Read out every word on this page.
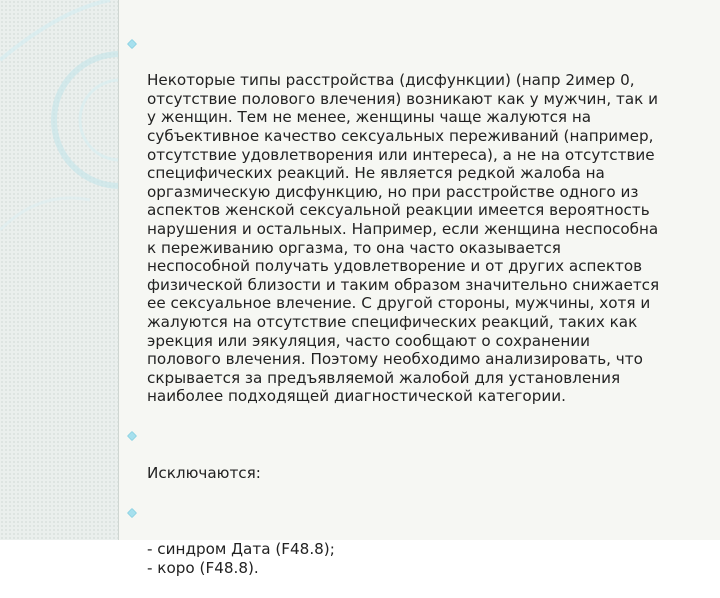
Некоторые типы расстройства (дисфункции) (напр 2имер 0,
отсутствие полового влечения) возникают как у мужчин, так и
у женщин. Тем не менее, женщины чаще жалуются на
субъективное качество сексуальных переживаний (например,
отсутствие удовлетворения или интереса), а не на отсутствие
специфических реакций. Не является редкой жалоба на
оргазмическую дисфункцию, но при расстройстве одного из
аспектов женской сексуальной реакции имеется вероятность
нарушения и остальных. Например, если женщина неспособна
к переживанию оргазма, то она часто оказывается
неспособной получать удовлетворение и от других аспектов
физической близости и таким образом значительно снижается
ее сексуальное влечение. С другой стороны, мужчины, хотя и
жалуются на отсутствие специфических реакций, таких как
эрекция или эякуляция, часто сообщают о сохранении
полового влечения. Поэтому необходимо анализировать, что
скрывается за предъявляемой жалобой для установления
наиболее подходящей диагностической категории.

Исключаются:

- синдром Дата (F48.8);
- коро (F48.8).
